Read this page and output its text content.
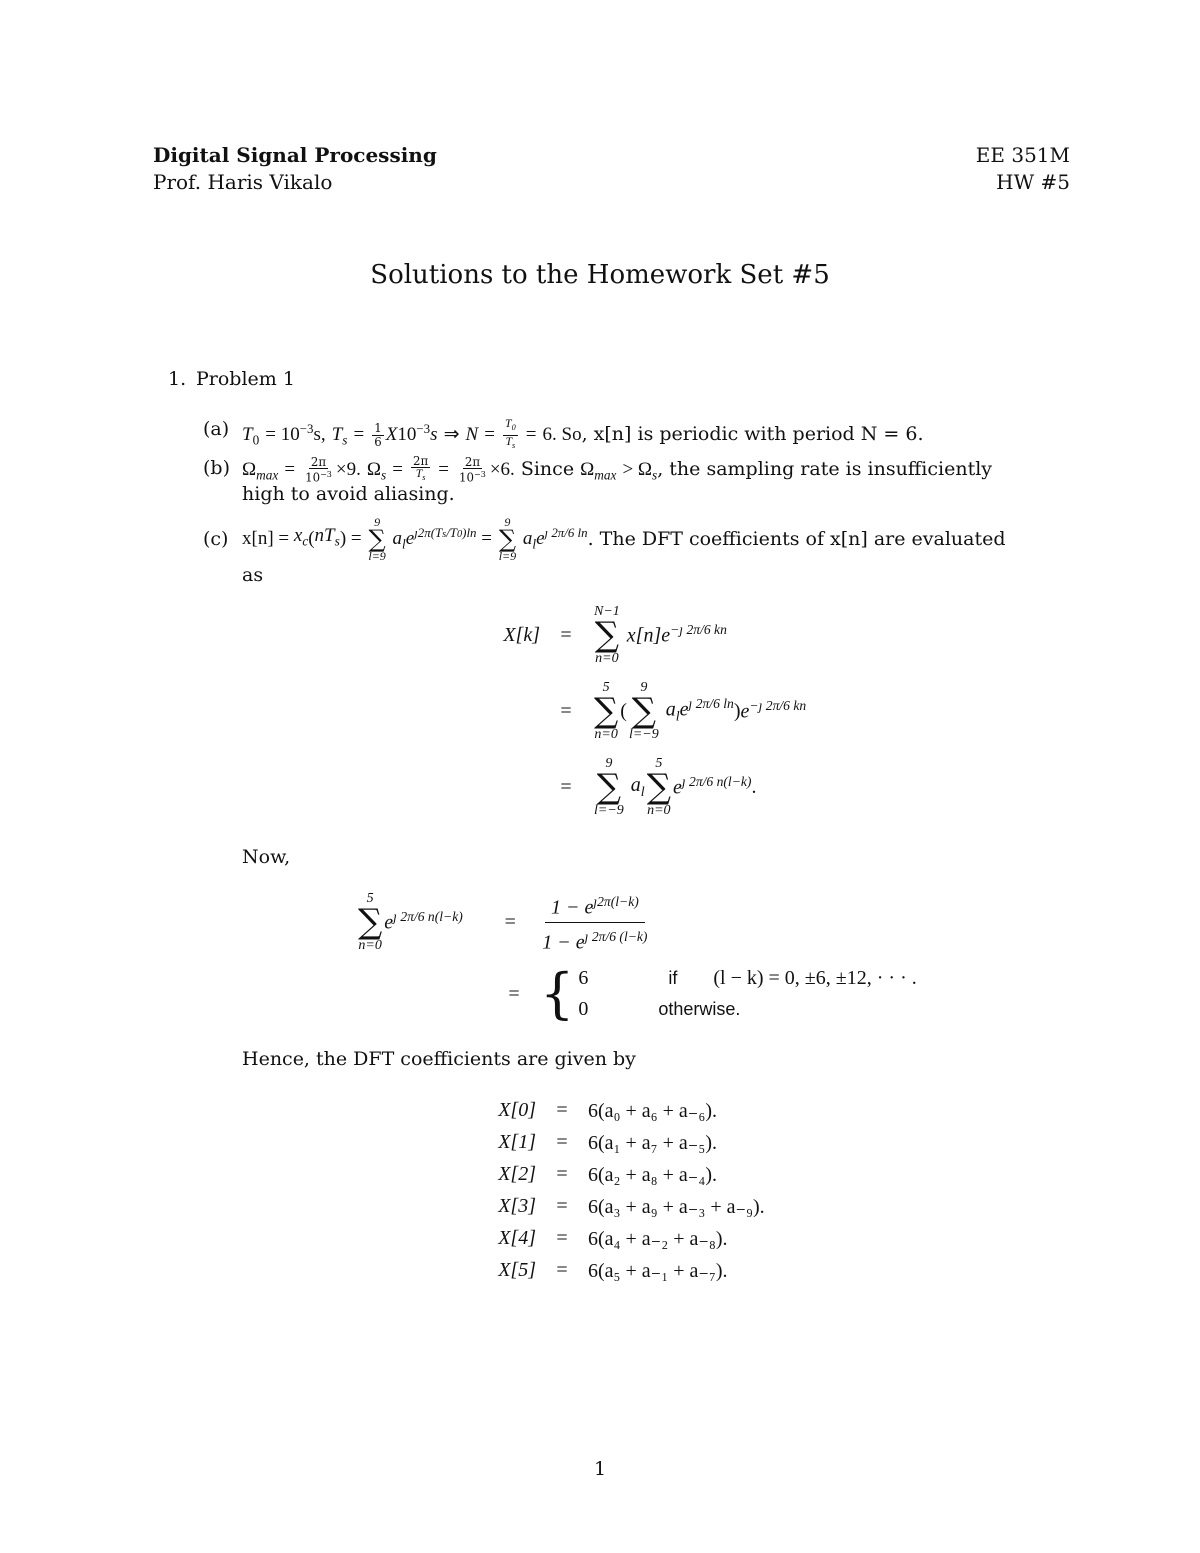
Digital Signal Processing
Prof. Haris Vikalo
EE 351M
HW #5
Solutions to the Homework Set #5
1. Problem 1
(a) $T_0 = 10^{-3}s$, $T_s = \frac{1}{6} X10^{-3}s$ ⇒ $N = \frac{T_0}{T_s} = 6$. So, x[n] is periodic with period N = 6.
(b) $\Omega_{max} = \frac{2\pi}{10^{-3}} \times 9$. $\Omega_s = \frac{2\pi}{T_s} = \frac{2\pi}{10^{-3}} \times 6$. Since $\Omega_{max} > \Omega_s$, the sampling rate is insufficiently
high to avoid aliasing.
(c) $x[n] = x_c$ ( $nT_s$ ) =
9
∑
l=9
$a_le^{ȷ2\pi(Ts/T0)ln}$ =
9
∑
l=9
$a_le^{ȷ 2\pi/6 ln}$ . The DFT coefficients of x[n] are evaluated
as
X[k]	=
N−1
∑
n=0
$x[n]e^{-ȷ 2\pi/6 kn}$
=
5
∑
n=0
(
9
∑
l=−9
$a_le^{ȷ 2\pi/6 ln}$ ) $e^{-ȷ 2\pi/6 kn}$
=
9
∑
l=−9
$a_l$
5
∑
n=0
$e^{ȷ 2\pi/6 n(l-k)}$ .
Now,
5
∑
n=0
$e^{ȷ 2\pi/6 n(l-k)}$	=	$\frac{1 - e^{ȷ2\pi(l-k)}}{1 - e^{ȷ 2\pi/6 (l-k)}}$
= { 6	if	(l − k) = 0, ±6, ±12, · · · .
0	otherwise.
Hence, the DFT coefficients are given by
X[0]	=	6(a₀ + a₆ + a₋₆).
X[1]	=	6(a₁ + a₇ + a₋₅).
X[2]	=	6(a₂ + a₈ + a₋₄).
X[3]	=	6(a₃ + a₉ + a₋₃ + a₋₉).
X[4]	=	6(a₄ + a₋₂ + a₋₈).
X[5]	=	6(a₅ + a₋₁ + a₋₇).
1
